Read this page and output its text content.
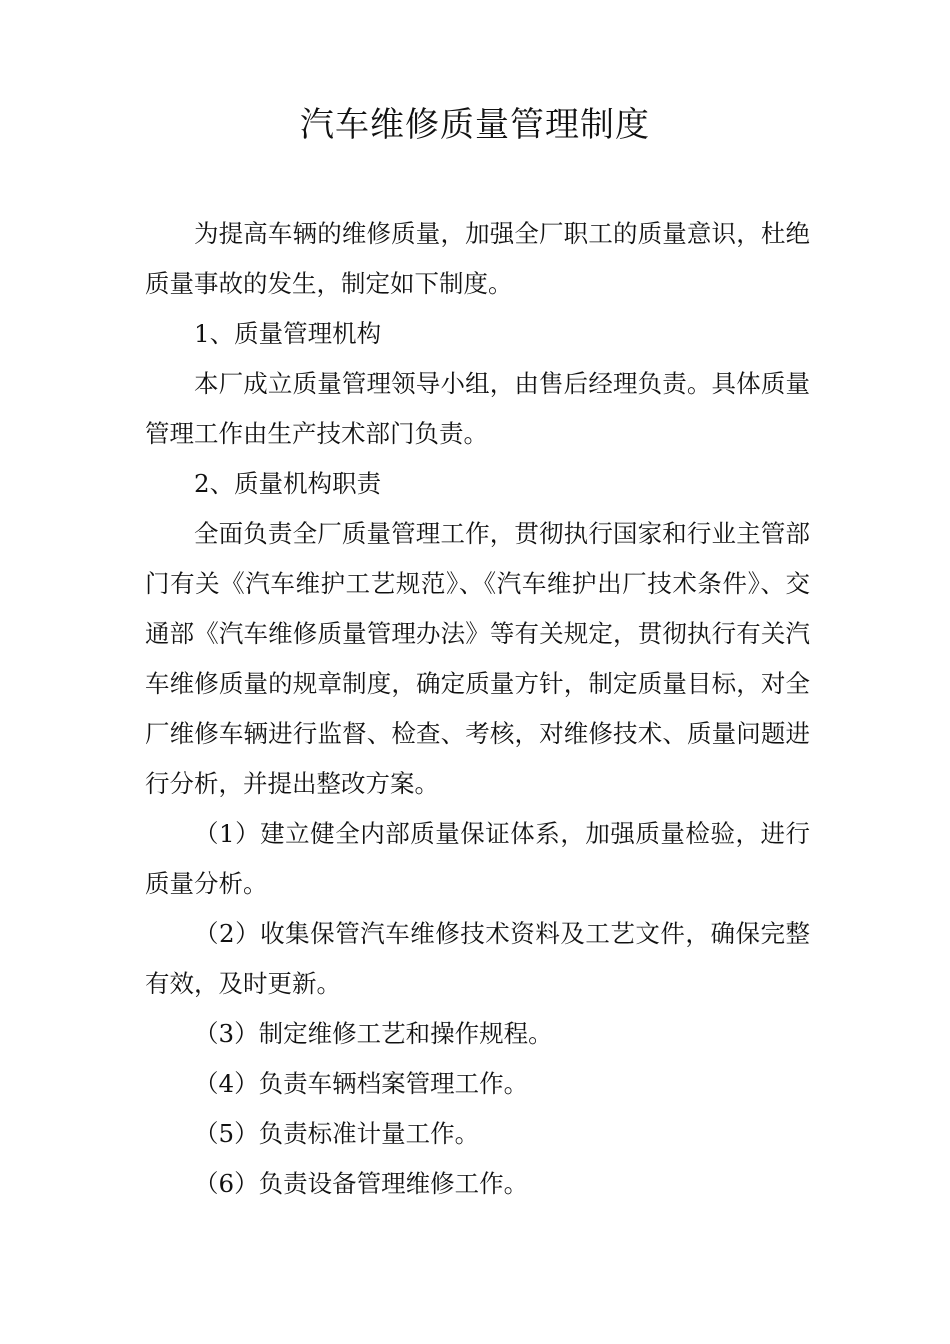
汽车维修质量管理制度

为提高车辆的维修质量，加强全厂职工的质量意识，杜绝质量事故的发生，制定如下制度。

1、质量管理机构

本厂成立质量管理领导小组，由售后经理负责。具体质量管理工作由生产技术部门负责。

2、质量机构职责

全面负责全厂质量管理工作，贯彻执行国家和行业主管部门有关《汽车维护工艺规范》、《汽车维护出厂技术条件》、交通部《汽车维修质量管理办法》等有关规定，贯彻执行有关汽车维修质量的规章制度，确定质量方针，制定质量目标，对全厂维修车辆进行监督、检查、考核，对维修技术、质量问题进行分析，并提出整改方案。

（1）建立健全内部质量保证体系，加强质量检验，进行质量分析。

（2）收集保管汽车维修技术资料及工艺文件，确保完整有效，及时更新。

（3）制定维修工艺和操作规程。

（4）负责车辆档案管理工作。

（5）负责标准计量工作。

（6）负责设备管理维修工作。
